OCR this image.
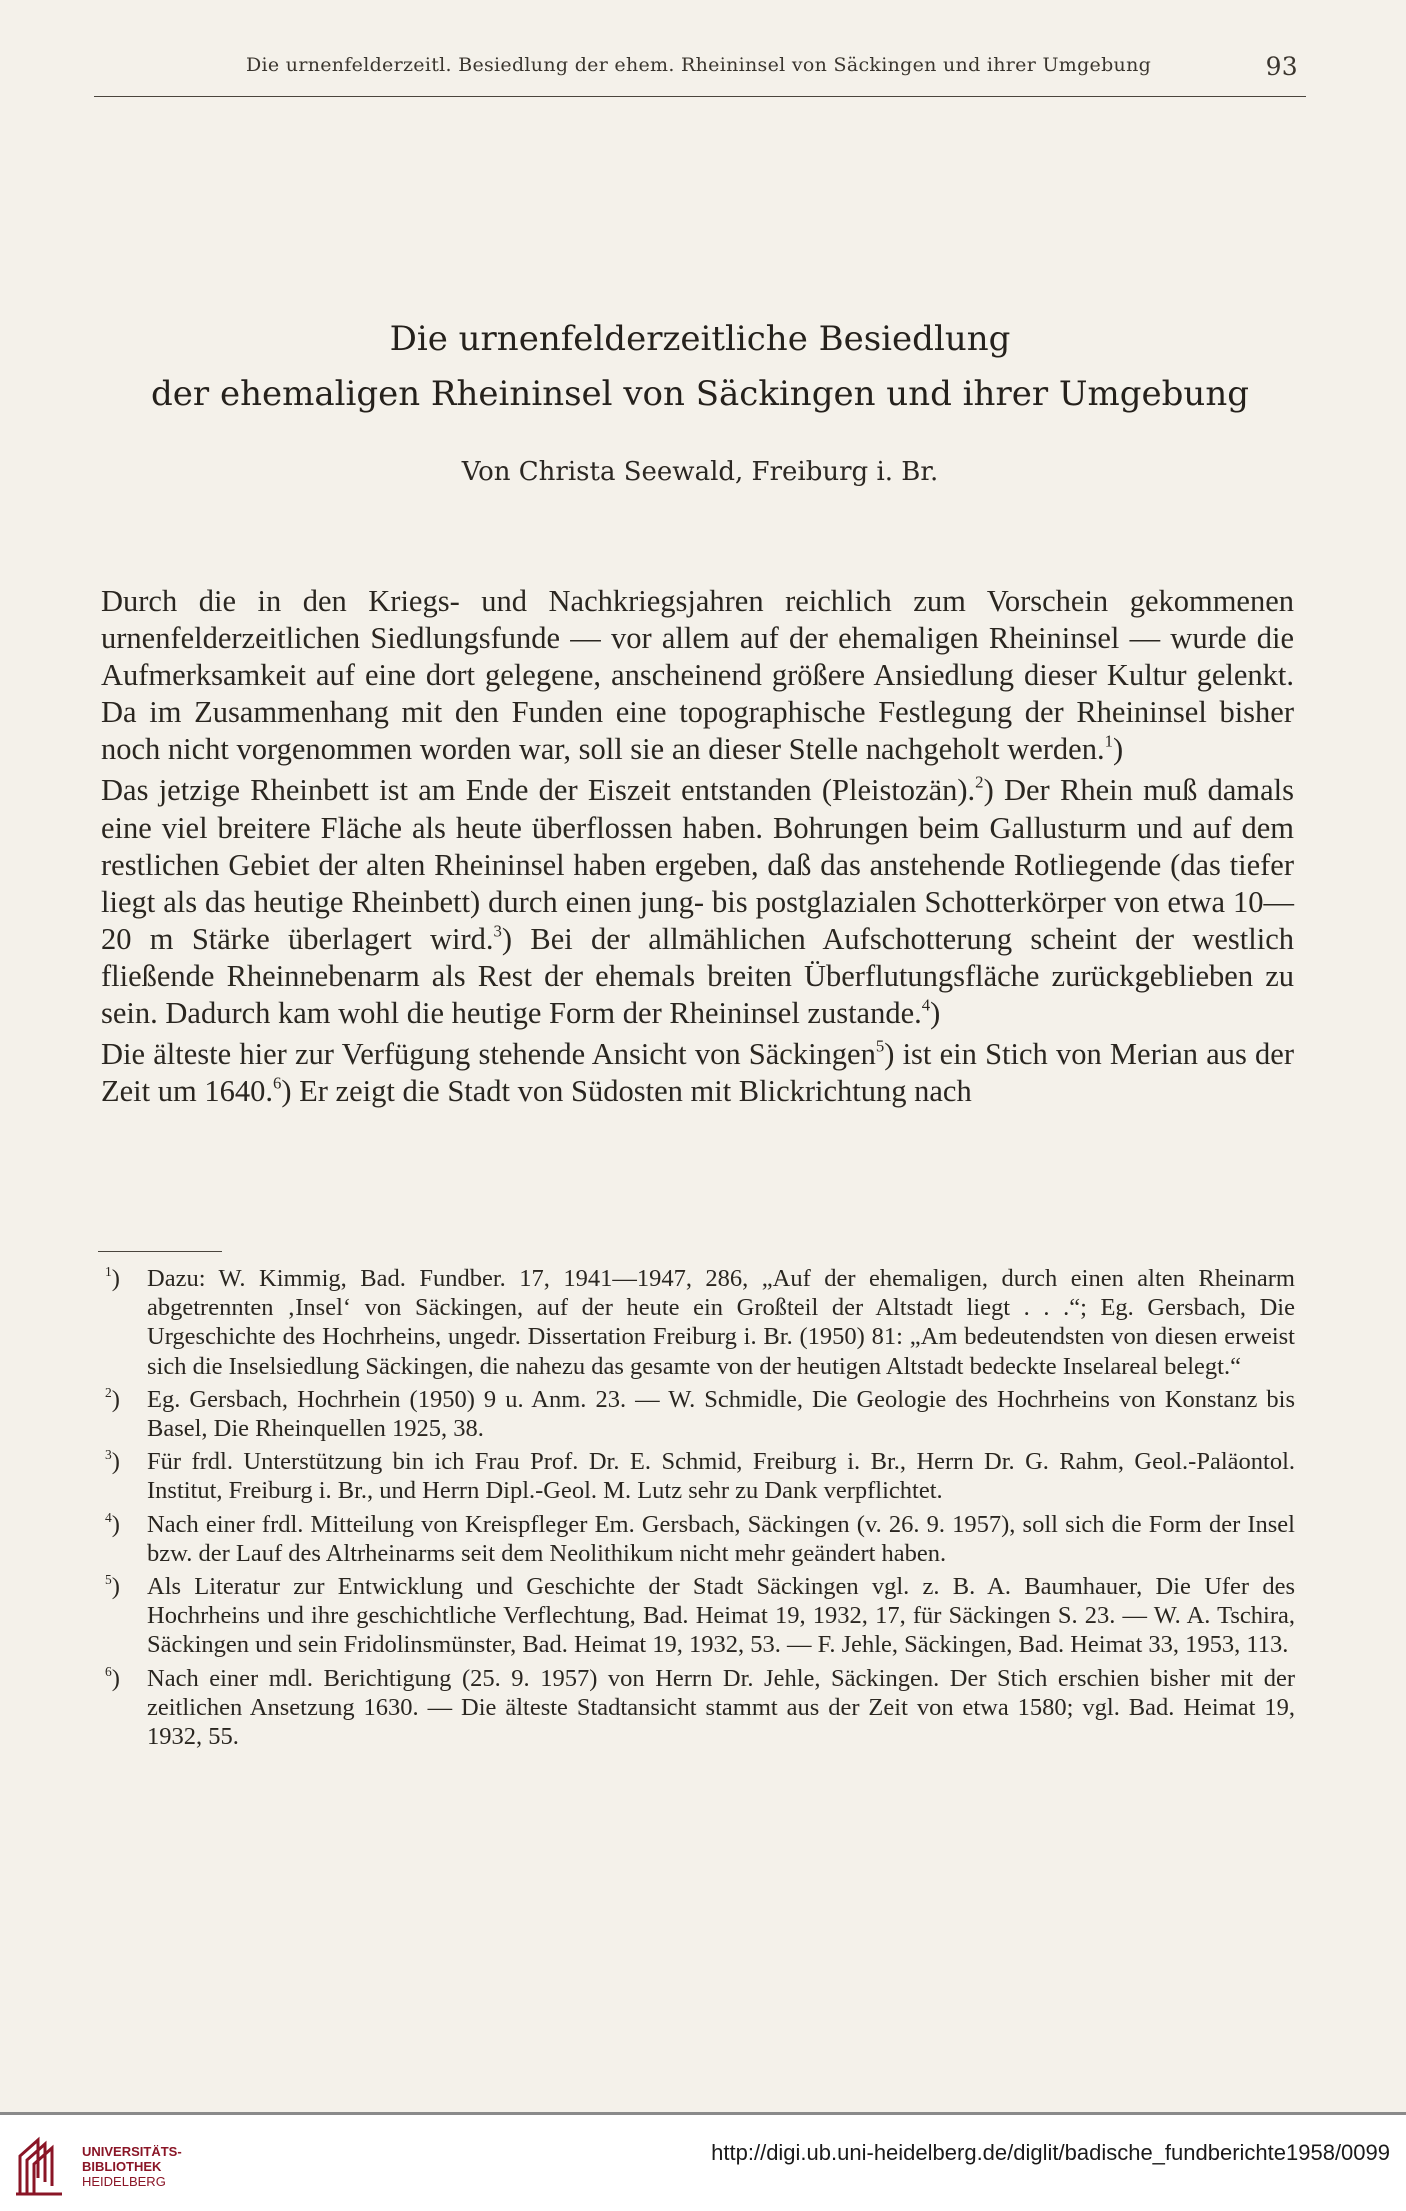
Die urnenfelderzeitl. Besiedlung der ehem. Rheininsel von Säckingen und ihrer Umgebung	93
Die urnenfelderzeitliche Besiedlung
der ehemaligen Rheininsel von Säckingen und ihrer Umgebung
Von Christa Seewald, Freiburg i. Br.

Durch die in den Kriegs- und Nachkriegsjahren reichlich zum Vorschein gekommenen urnenfelderzeitlichen Siedlungsfunde — vor allem auf der ehemaligen Rheininsel — wurde die Aufmerksamkeit auf eine dort gelegene, anscheinend größere Ansiedlung dieser Kultur gelenkt. Da im Zusammenhang mit den Funden eine topographische Festlegung der Rheininsel bisher noch nicht vorgenommen worden war, soll sie an dieser Stelle nachgeholt werden.$^1$)

Das jetzige Rheinbett ist am Ende der Eiszeit entstanden (Pleistozän).$^2$) Der Rhein muß damals eine viel breitere Fläche als heute überflossen haben. Bohrungen beim Gallusturm und auf dem restlichen Gebiet der alten Rheininsel haben ergeben, daß das anstehende Rotliegende (das tiefer liegt als das heutige Rheinbett) durch einen jung- bis postglazialen Schotterkörper von etwa 10—20 m Stärke überlagert wird.$^3$) Bei der allmählichen Aufschotterung scheint der westlich fließende Rheinnebenarm als Rest der ehemals breiten Überflutungsfläche zurückgeblieben zu sein. Dadurch kam wohl die heutige Form der Rheininsel zustande.$^4$)

Die älteste hier zur Verfügung stehende Ansicht von Säckingen$^5$) ist ein Stich von Merian aus der Zeit um 1640.$^6$) Er zeigt die Stadt von Südosten mit Blickrichtung nach

$^1$) Dazu: W. Kimmig, Bad. Fundber. 17, 1941—1947, 286, „Auf der ehemaligen, durch einen alten Rheinarm abgetrennten ‚Insel‘ von Säckingen, auf der heute ein Großteil der Altstadt liegt . . .“; Eg. Gersbach, Die Urgeschichte des Hochrheins, ungedr. Dissertation Freiburg i. Br. (1950) 81: „Am bedeutendsten von diesen erweist sich die Inselsiedlung Säckingen, die nahezu das gesamte von der heutigen Altstadt bedeckte Inselareal belegt.“
$^2$) Eg. Gersbach, Hochrhein (1950) 9 u. Anm. 23. — W. Schmidle, Die Geologie des Hochrheins von Konstanz bis Basel, Die Rheinquellen 1925, 38.
$^3$) Für frdl. Unterstützung bin ich Frau Prof. Dr. E. Schmid, Freiburg i. Br., Herrn Dr. G. Rahm, Geol.-Paläontol. Institut, Freiburg i. Br., und Herrn Dipl.-Geol. M. Lutz sehr zu Dank verpflichtet.
$^4$) Nach einer frdl. Mitteilung von Kreispfleger Em. Gersbach, Säckingen (v. 26. 9. 1957), soll sich die Form der Insel bzw. der Lauf des Altrheinarms seit dem Neolithikum nicht mehr geändert haben.
$^5$) Als Literatur zur Entwicklung und Geschichte der Stadt Säckingen vgl. z. B. A. Baumhauer, Die Ufer des Hochrheins und ihre geschichtliche Verflechtung, Bad. Heimat 19, 1932, 17, für Säckingen S. 23. — W. A. Tschira, Säckingen und sein Fridolinsmünster, Bad. Heimat 19, 1932, 53. — F. Jehle, Säckingen, Bad. Heimat 33, 1953, 113.
$^6$) Nach einer mdl. Berichtigung (25. 9. 1957) von Herrn Dr. Jehle, Säckingen. Der Stich erschien bisher mit der zeitlichen Ansetzung 1630. — Die älteste Stadtansicht stammt aus der Zeit von etwa 1580; vgl. Bad. Heimat 19, 1932, 55.
UNIVERSITÄTS-
BIBLIOTHEK
HEIDELBERG
http://digi.ub.uni-heidelberg.de/diglit/badische_fundberichte1958/0099
